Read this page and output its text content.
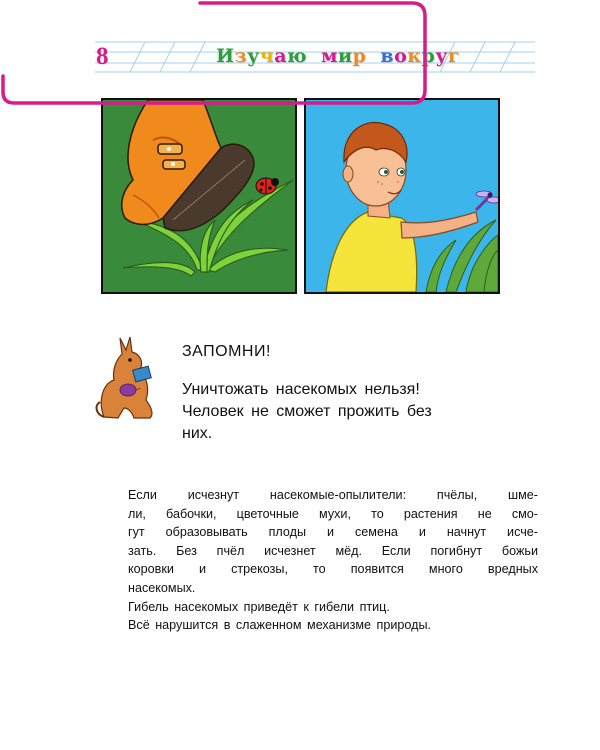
8	Изучаю мир вокруг
ЗАПОМНИ!
Уничтожать насекомых нельзя!
Человек не сможет прожить без
них.
Если исчезнут насекомые-опылители: пчёлы, шме-
ли, бабочки, цветочные мухи, то растения не смо-
гут образовывать плоды и семена и начнут исче-
зать. Без пчёл исчезнет мёд. Если погибнут божьи
коровки и стрекозы, то появится много вредных
насекомых.
Гибель насекомых приведёт к гибели птиц.
Всё нарушится в слаженном механизме природы.
